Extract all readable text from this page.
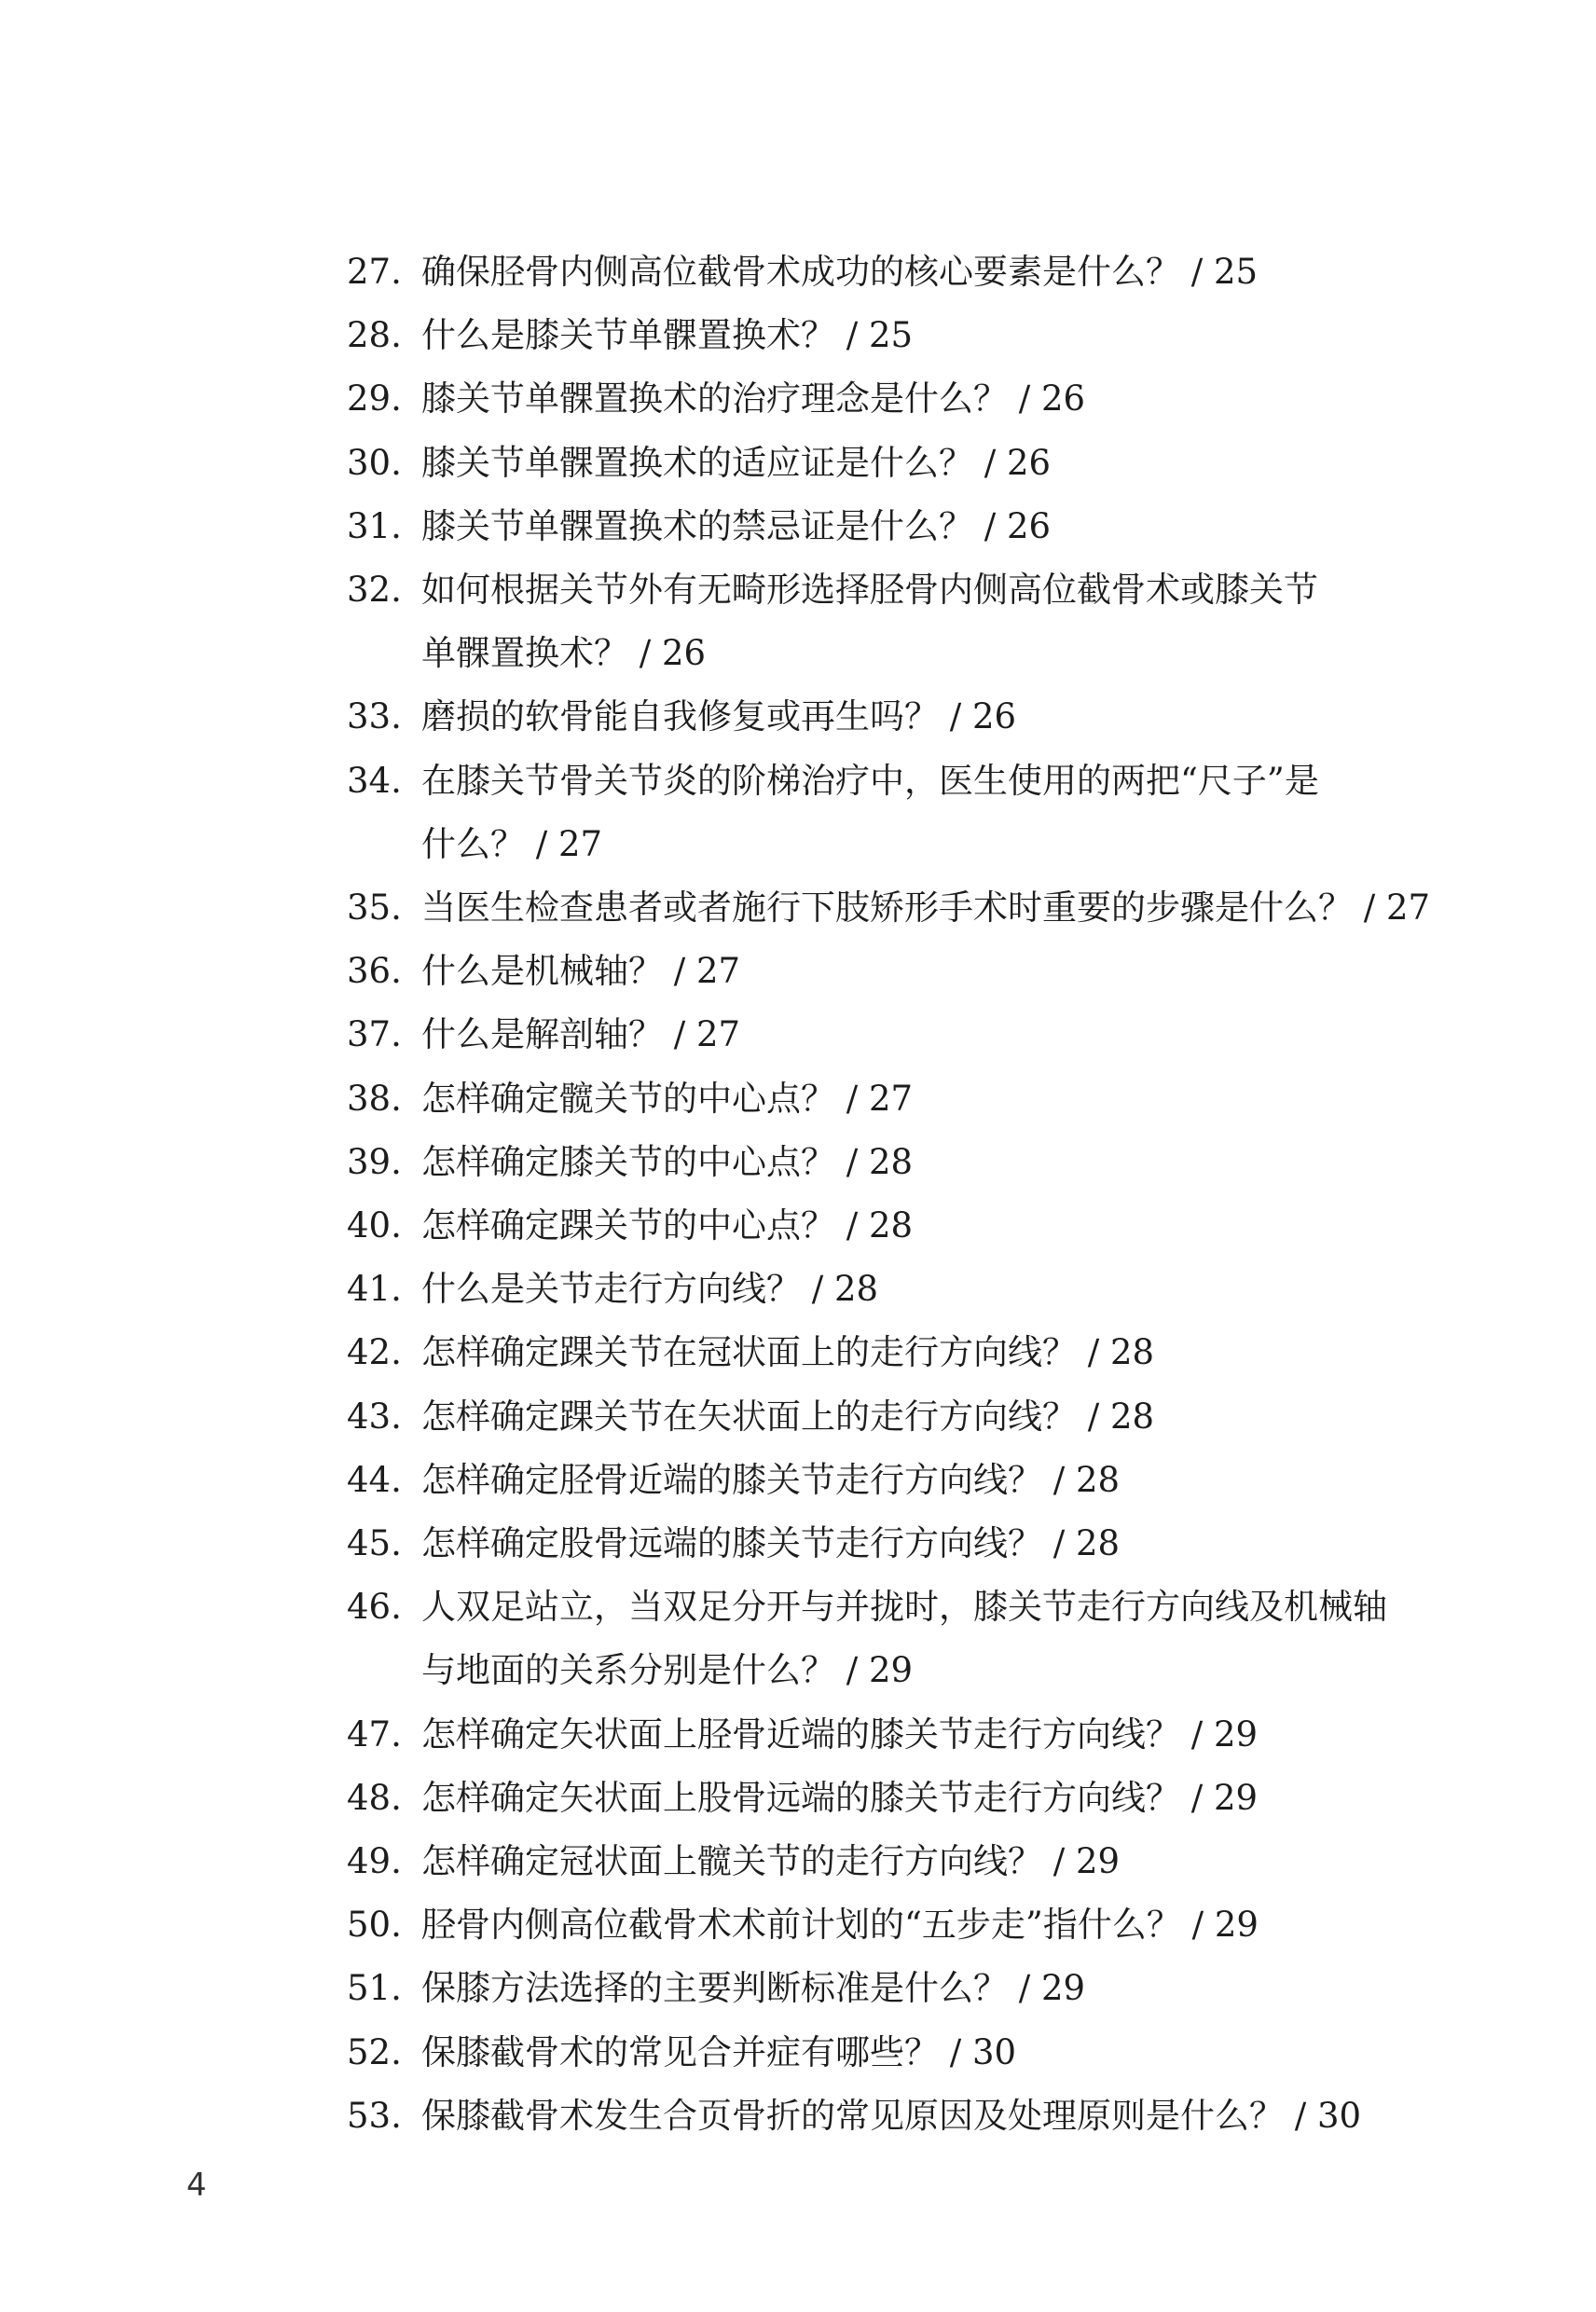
27. 确保胫骨内侧高位截骨术成功的核心要素是什么？ / 25
28. 什么是膝关节单髁置换术？ / 25
29. 膝关节单髁置换术的治疗理念是什么？ / 26
30. 膝关节单髁置换术的适应证是什么？ / 26
31. 膝关节单髁置换术的禁忌证是什么？ / 26
32. 如何根据关节外有无畸形选择胫骨内侧高位截骨术或膝关节
单髁置换术？ / 26
33. 磨损的软骨能自我修复或再生吗？ / 26
34. 在膝关节骨关节炎的阶梯治疗中，医生使用的两把“尺子”是
什么？ / 27
35. 当医生检查患者或者施行下肢矫形手术时重要的步骤是什么？ / 27
36. 什么是机械轴？ / 27
37. 什么是解剖轴？ / 27
38. 怎样确定髋关节的中心点？ / 27
39. 怎样确定膝关节的中心点？ / 28
40. 怎样确定踝关节的中心点？ / 28
41. 什么是关节走行方向线？ / 28
42. 怎样确定踝关节在冠状面上的走行方向线？ / 28
43. 怎样确定踝关节在矢状面上的走行方向线？ / 28
44. 怎样确定胫骨近端的膝关节走行方向线？ / 28
45. 怎样确定股骨远端的膝关节走行方向线？ / 28
46. 人双足站立，当双足分开与并拢时，膝关节走行方向线及机械轴
与地面的关系分别是什么？ / 29
47. 怎样确定矢状面上胫骨近端的膝关节走行方向线？ / 29
48. 怎样确定矢状面上股骨远端的膝关节走行方向线？ / 29
49. 怎样确定冠状面上髋关节的走行方向线？ / 29
50. 胫骨内侧高位截骨术术前计划的“五步走”指什么？ / 29
51. 保膝方法选择的主要判断标准是什么？ / 29
52. 保膝截骨术的常见合并症有哪些？ / 30
53. 保膝截骨术发生合页骨折的常见原因及处理原则是什么？ / 30
4
